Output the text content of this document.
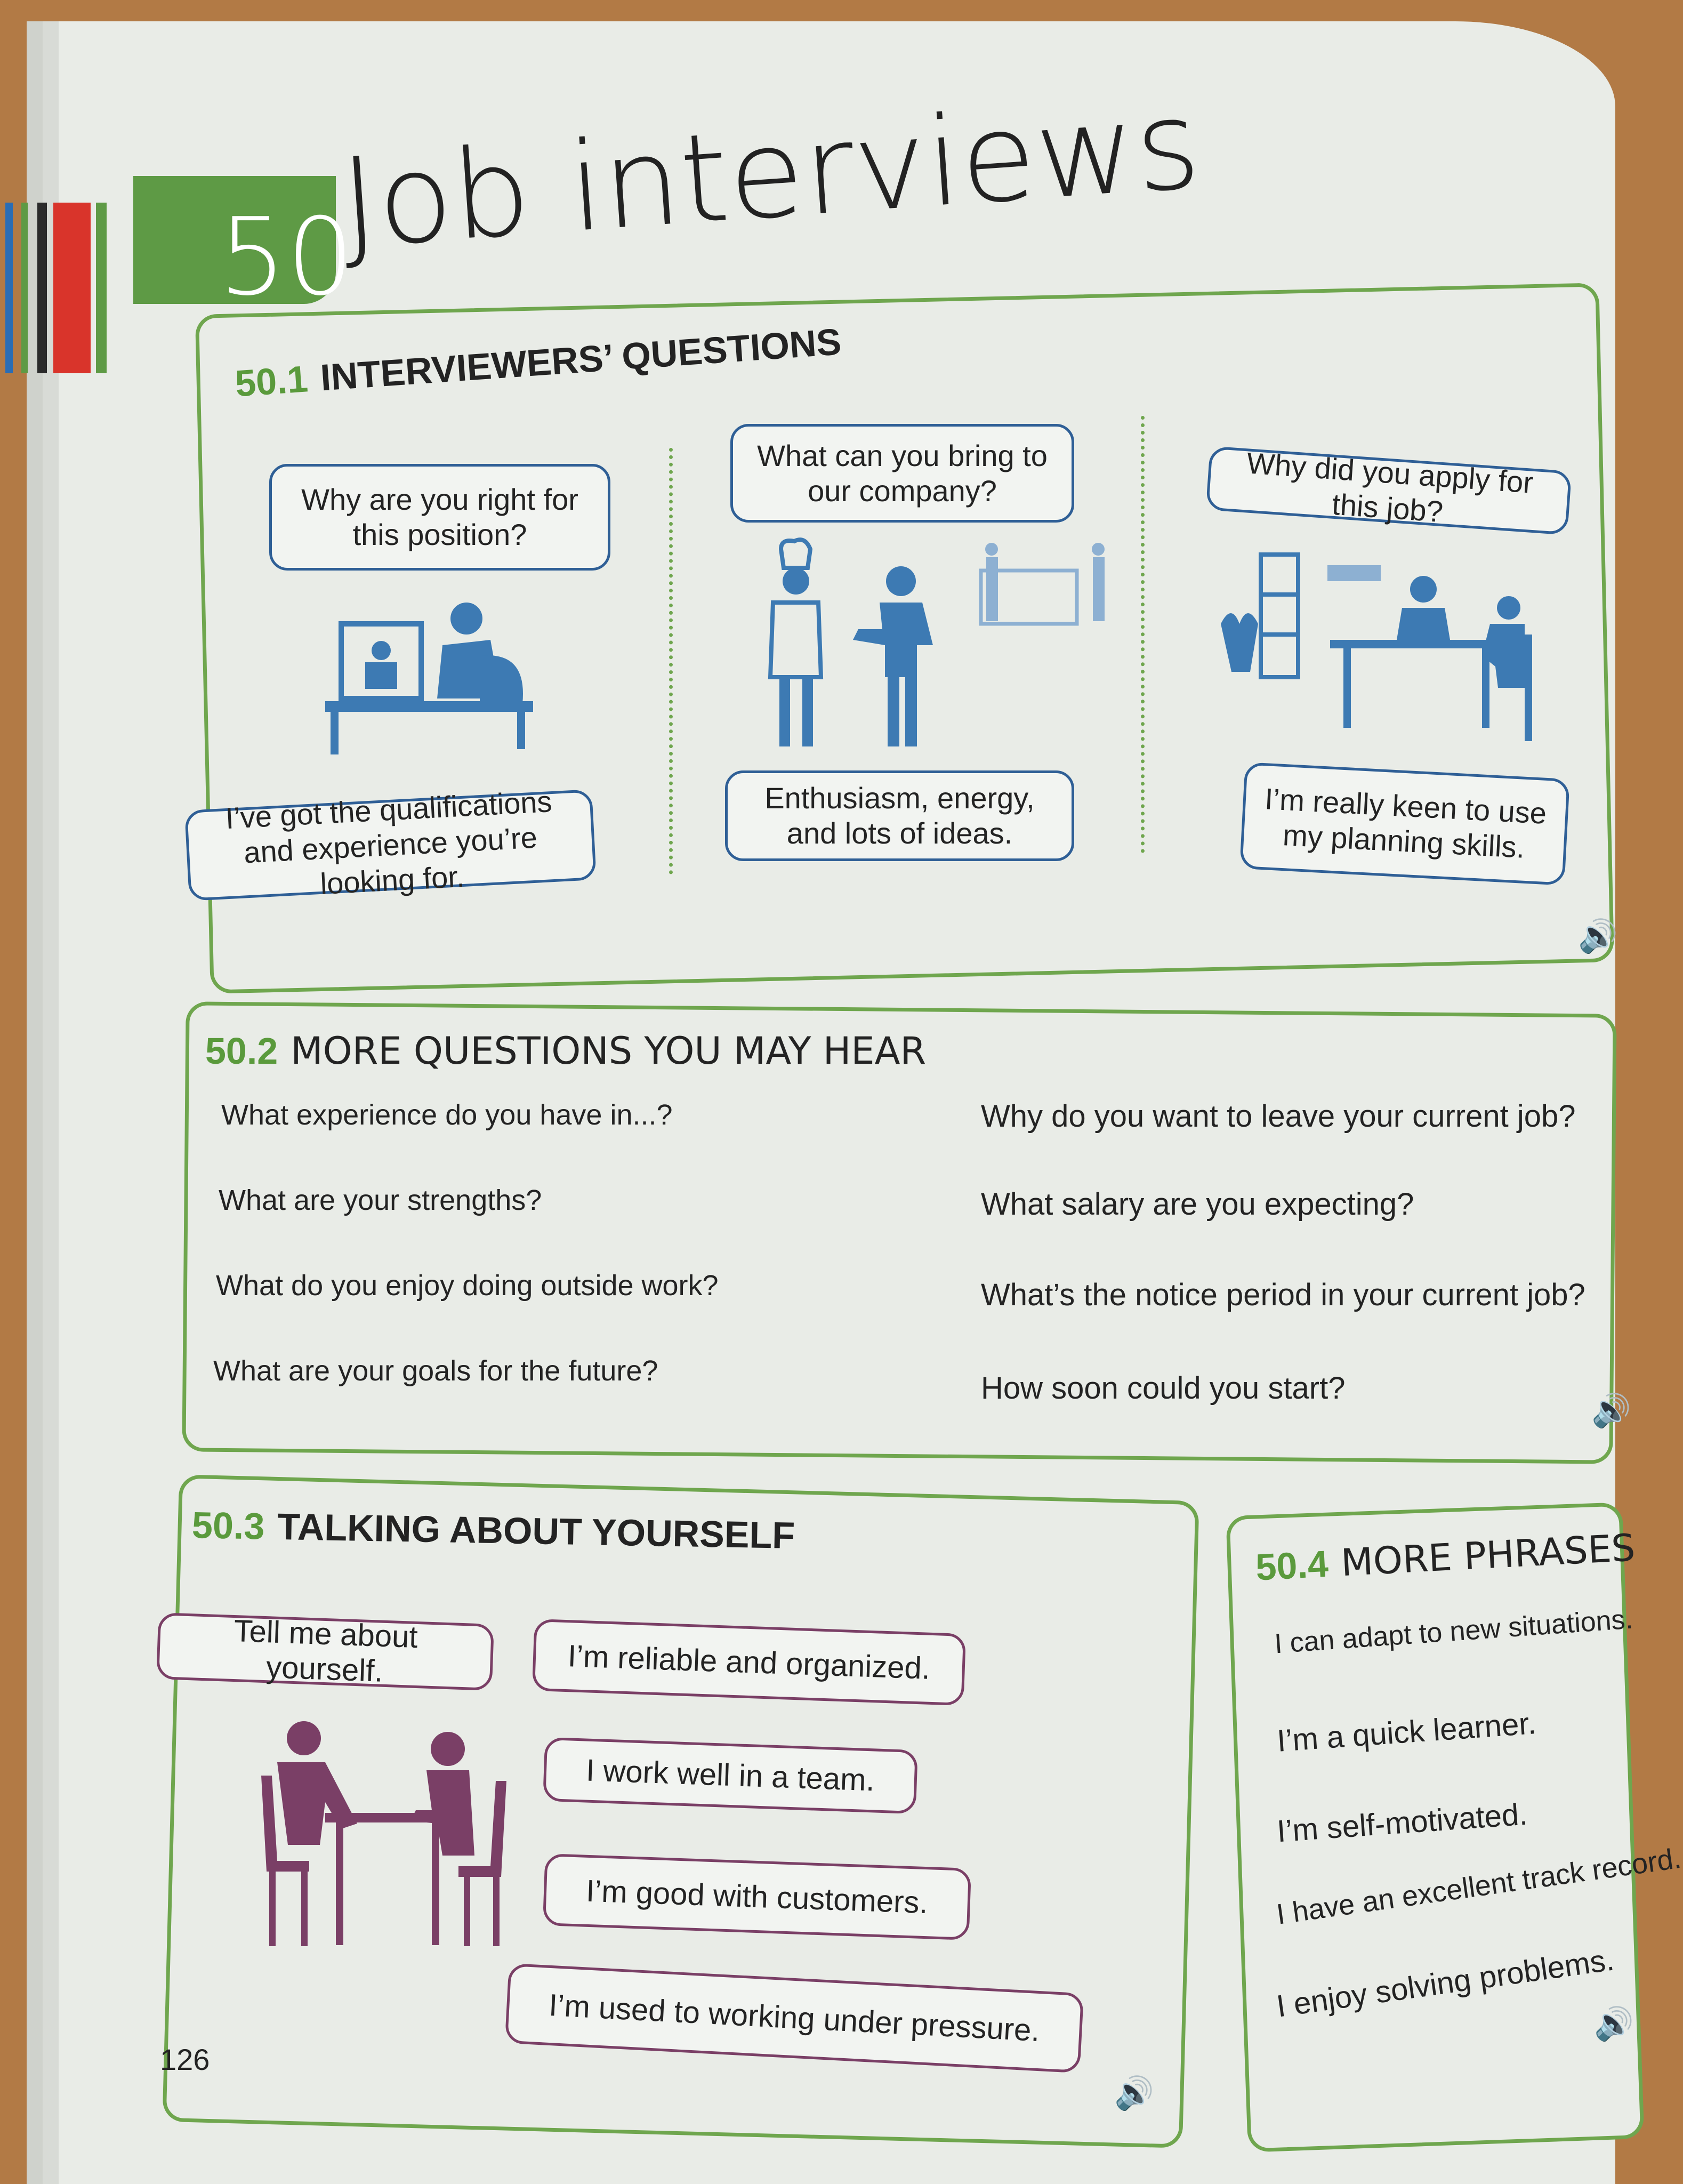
50
Job interviews
50.1 INTERVIEWERS’ QUESTIONS
Why are you right for this position?
What can you bring to our company?	Why did you apply for this job?
I’ve got the qualifications and experience you’re looking for.
Enthusiasm, energy, and lots of ideas.
I’m really keen to use my planning skills.
🔊
50.2 MORE QUESTIONS YOU MAY HEAR
What experience do you have in...?
What are your strengths?
What do you enjoy doing outside work?
What are your goals for the future?
Why do you want to leave your current job?
What salary are you expecting?
What’s the notice period in your current job?
How soon could you start?
🔊
50.3 TALKING ABOUT YOURSELF
Tell me about yourself.	I’m reliable and organized.
I work well in a team.
I’m good with customers.
I’m used to working under pressure.
126
🔊
50.4 MORE PHRASES
I can adapt to new situations.
I’m a quick learner.
I’m self-motivated.
I have an excellent track record.
I enjoy solving problems.
🔊
